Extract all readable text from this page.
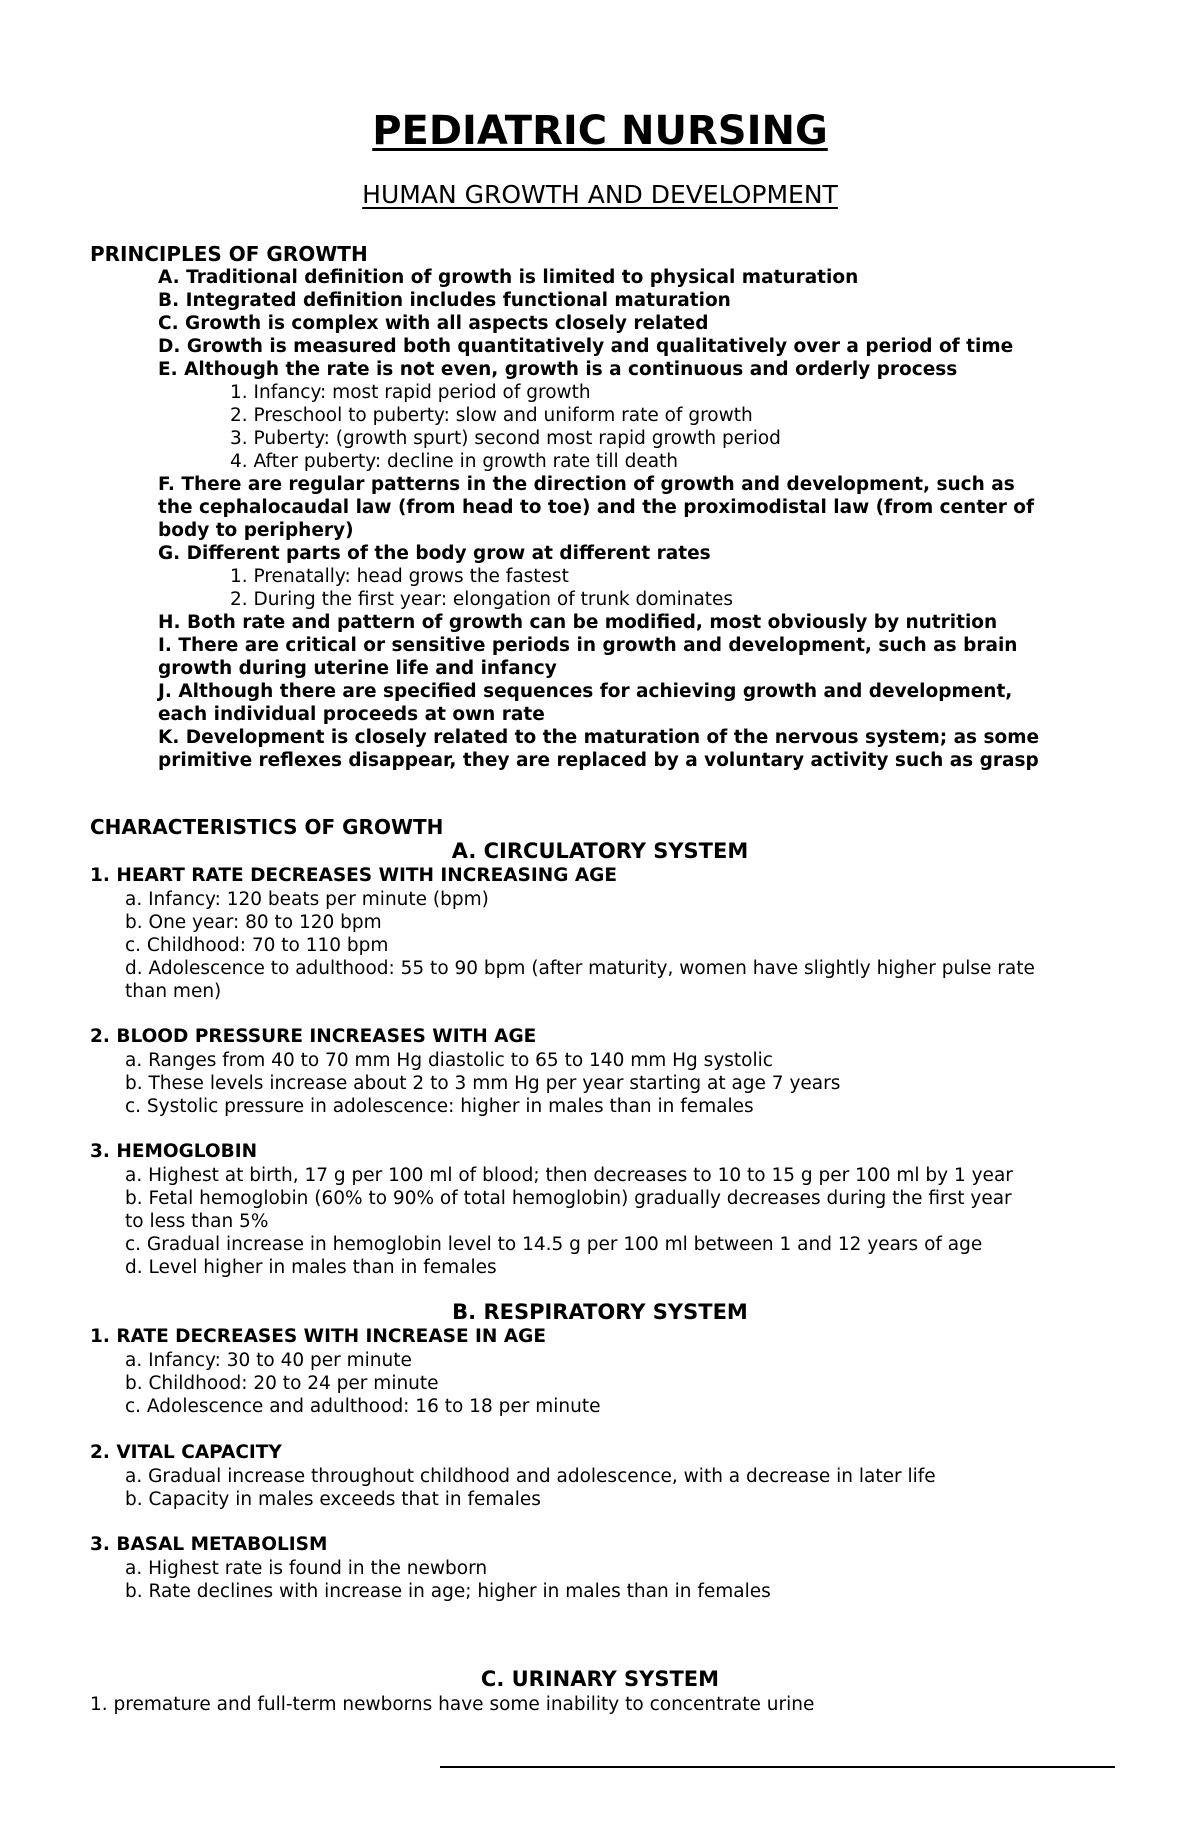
PEDIATRIC NURSING
HUMAN GROWTH AND DEVELOPMENT
PRINCIPLES OF GROWTH
A. Traditional definition of growth is limited to physical maturation
B. Integrated definition includes functional maturation
C. Growth is complex with all aspects closely related
D. Growth is measured both quantitatively and qualitatively over a period of time
E. Although the rate is not even, growth is a continuous and orderly process
1. Infancy: most rapid period of growth
2. Preschool to puberty: slow and uniform rate of growth
3. Puberty: (growth spurt) second most rapid growth period
4. After puberty: decline in growth rate till death
F. There are regular patterns in the direction of growth and development, such as
the cephalocaudal law (from head to toe) and the proximodistal law (from center of
body to periphery)
G. Different parts of the body grow at different rates
1. Prenatally: head grows the fastest
2. During the first year: elongation of trunk dominates
H. Both rate and pattern of growth can be modified, most obviously by nutrition
I. There are critical or sensitive periods in growth and development, such as brain
growth during uterine life and infancy
J. Although there are specified sequences for achieving growth and development,
each individual proceeds at own rate
K. Development is closely related to the maturation of the nervous system; as some
primitive reflexes disappear, they are replaced by a voluntary activity such as grasp
CHARACTERISTICS OF GROWTH
A. CIRCULATORY SYSTEM
1. HEART RATE DECREASES WITH INCREASING AGE
a. Infancy: 120 beats per minute (bpm)
b. One year: 80 to 120 bpm
c. Childhood: 70 to 110 bpm
d. Adolescence to adulthood: 55 to 90 bpm (after maturity, women have slightly higher pulse rate
than men)
2. BLOOD PRESSURE INCREASES WITH AGE
a. Ranges from 40 to 70 mm Hg diastolic to 65 to 140 mm Hg systolic
b. These levels increase about 2 to 3 mm Hg per year starting at age 7 years
c. Systolic pressure in adolescence: higher in males than in females
3. HEMOGLOBIN
a. Highest at birth, 17 g per 100 ml of blood; then decreases to 10 to 15 g per 100 ml by 1 year
b. Fetal hemoglobin (60% to 90% of total hemoglobin) gradually decreases during the first year
to less than 5%
c. Gradual increase in hemoglobin level to 14.5 g per 100 ml between 1 and 12 years of age
d. Level higher in males than in females
B. RESPIRATORY SYSTEM
1. RATE DECREASES WITH INCREASE IN AGE
a. Infancy: 30 to 40 per minute
b. Childhood: 20 to 24 per minute
c. Adolescence and adulthood: 16 to 18 per minute
2. VITAL CAPACITY
a. Gradual increase throughout childhood and adolescence, with a decrease in later life
b. Capacity in males exceeds that in females
3. BASAL METABOLISM
a. Highest rate is found in the newborn
b. Rate declines with increase in age; higher in males than in females
C. URINARY SYSTEM
1. premature and full-term newborns have some inability to concentrate urine
